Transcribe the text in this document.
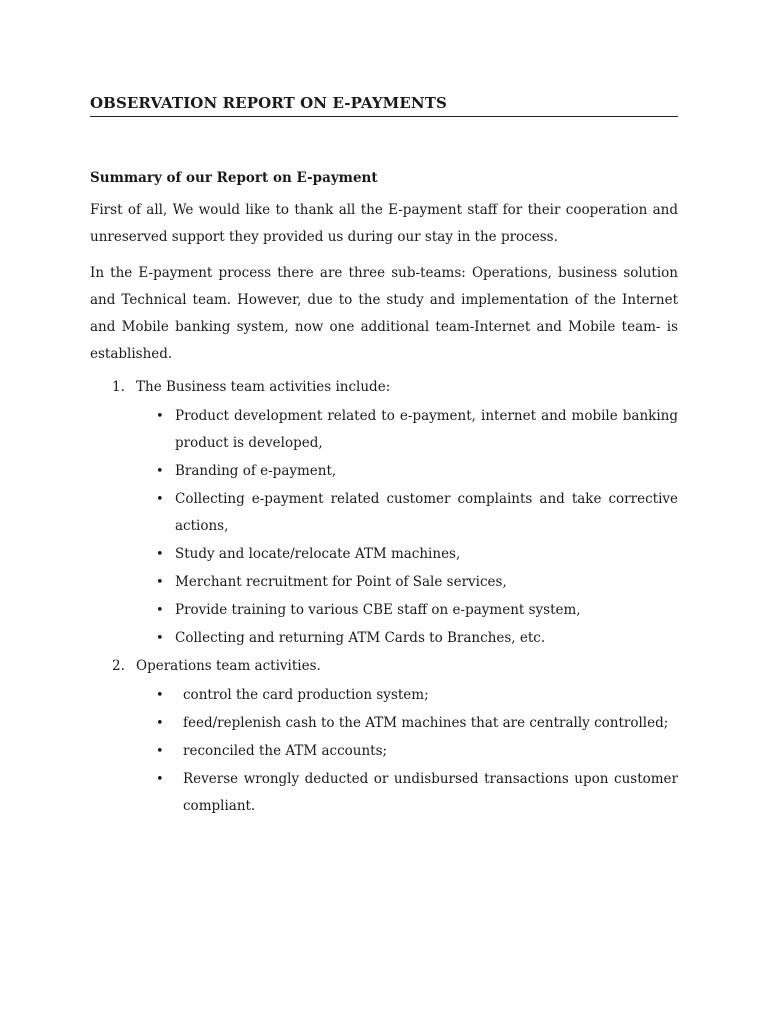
OBSERVATION REPORT ON E-PAYMENTS
Summary of our Report on E-payment

First of all, We would like to thank all the E-payment staff for their cooperation and unreserved support they provided us during our stay in the process.

In the E-payment process there are three sub-teams: Operations, business solution and Technical team. However, due to the study and implementation of the Internet and Mobile banking system, now one additional team-Internet and Mobile team- is established.

1. The Business team activities include:
• Product development related to e-payment, internet and mobile banking product is developed,
• Branding of e-payment,
• Collecting e-payment related customer complaints and take corrective actions,
• Study and locate/relocate ATM machines,
• Merchant recruitment for Point of Sale services,
• Provide training to various CBE staff on e-payment system,
• Collecting and returning ATM Cards to Branches, etc.
2. Operations team activities.
•	control the card production system;
•	feed/replenish cash to the ATM machines that are centrally controlled;
•	reconciled the ATM accounts;
•	Reverse wrongly deducted or undisbursed transactions upon customer compliant.
